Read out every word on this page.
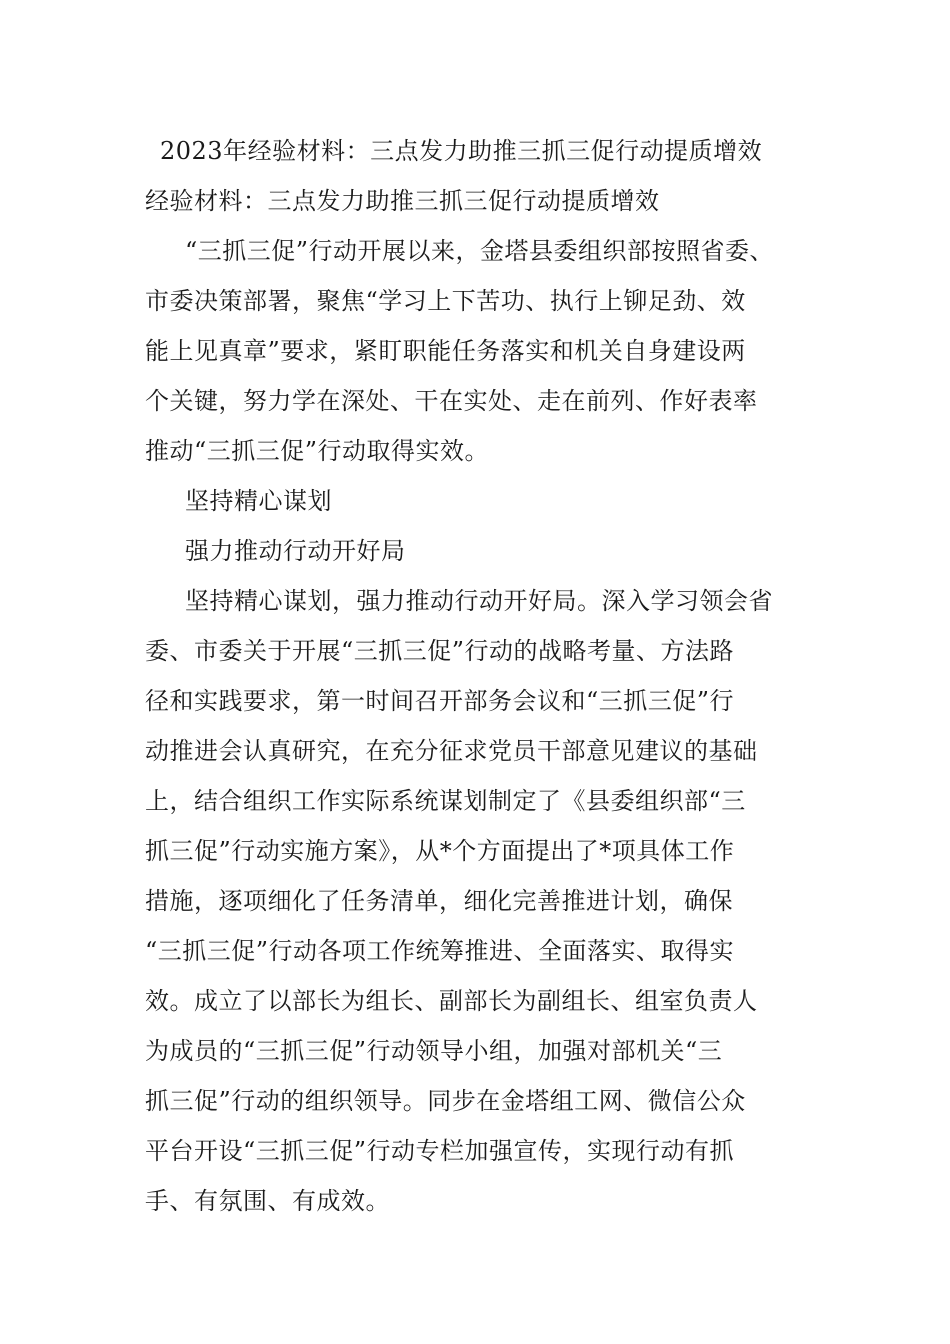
2023年经验材料：三点发力助推三抓三促行动提质增效
经验材料：三点发力助推三抓三促行动提质增效
“三抓三促”行动开展以来，金塔县委组织部按照省委、
市委决策部署，聚焦“学习上下苦功、执行上铆足劲、效
能上见真章”要求，紧盯职能任务落实和机关自身建设两
个关键，努力学在深处、干在实处、走在前列、作好表率
推动“三抓三促”行动取得实效。
坚持精心谋划
强力推动行动开好局
坚持精心谋划，强力推动行动开好局。深入学习领会省
委、市委关于开展“三抓三促”行动的战略考量、方法路
径和实践要求，第一时间召开部务会议和“三抓三促”行
动推进会认真研究，在充分征求党员干部意见建议的基础
上，结合组织工作实际系统谋划制定了《县委组织部“三
抓三促”行动实施方案》，从*个方面提出了*项具体工作
措施，逐项细化了任务清单，细化完善推进计划，确保
“三抓三促”行动各项工作统筹推进、全面落实、取得实
效。成立了以部长为组长、副部长为副组长、组室负责人
为成员的“三抓三促”行动领导小组，加强对部机关“三
抓三促”行动的组织领导。同步在金塔组工网、微信公众
平台开设“三抓三促”行动专栏加强宣传，实现行动有抓
手、有氛围、有成效。
